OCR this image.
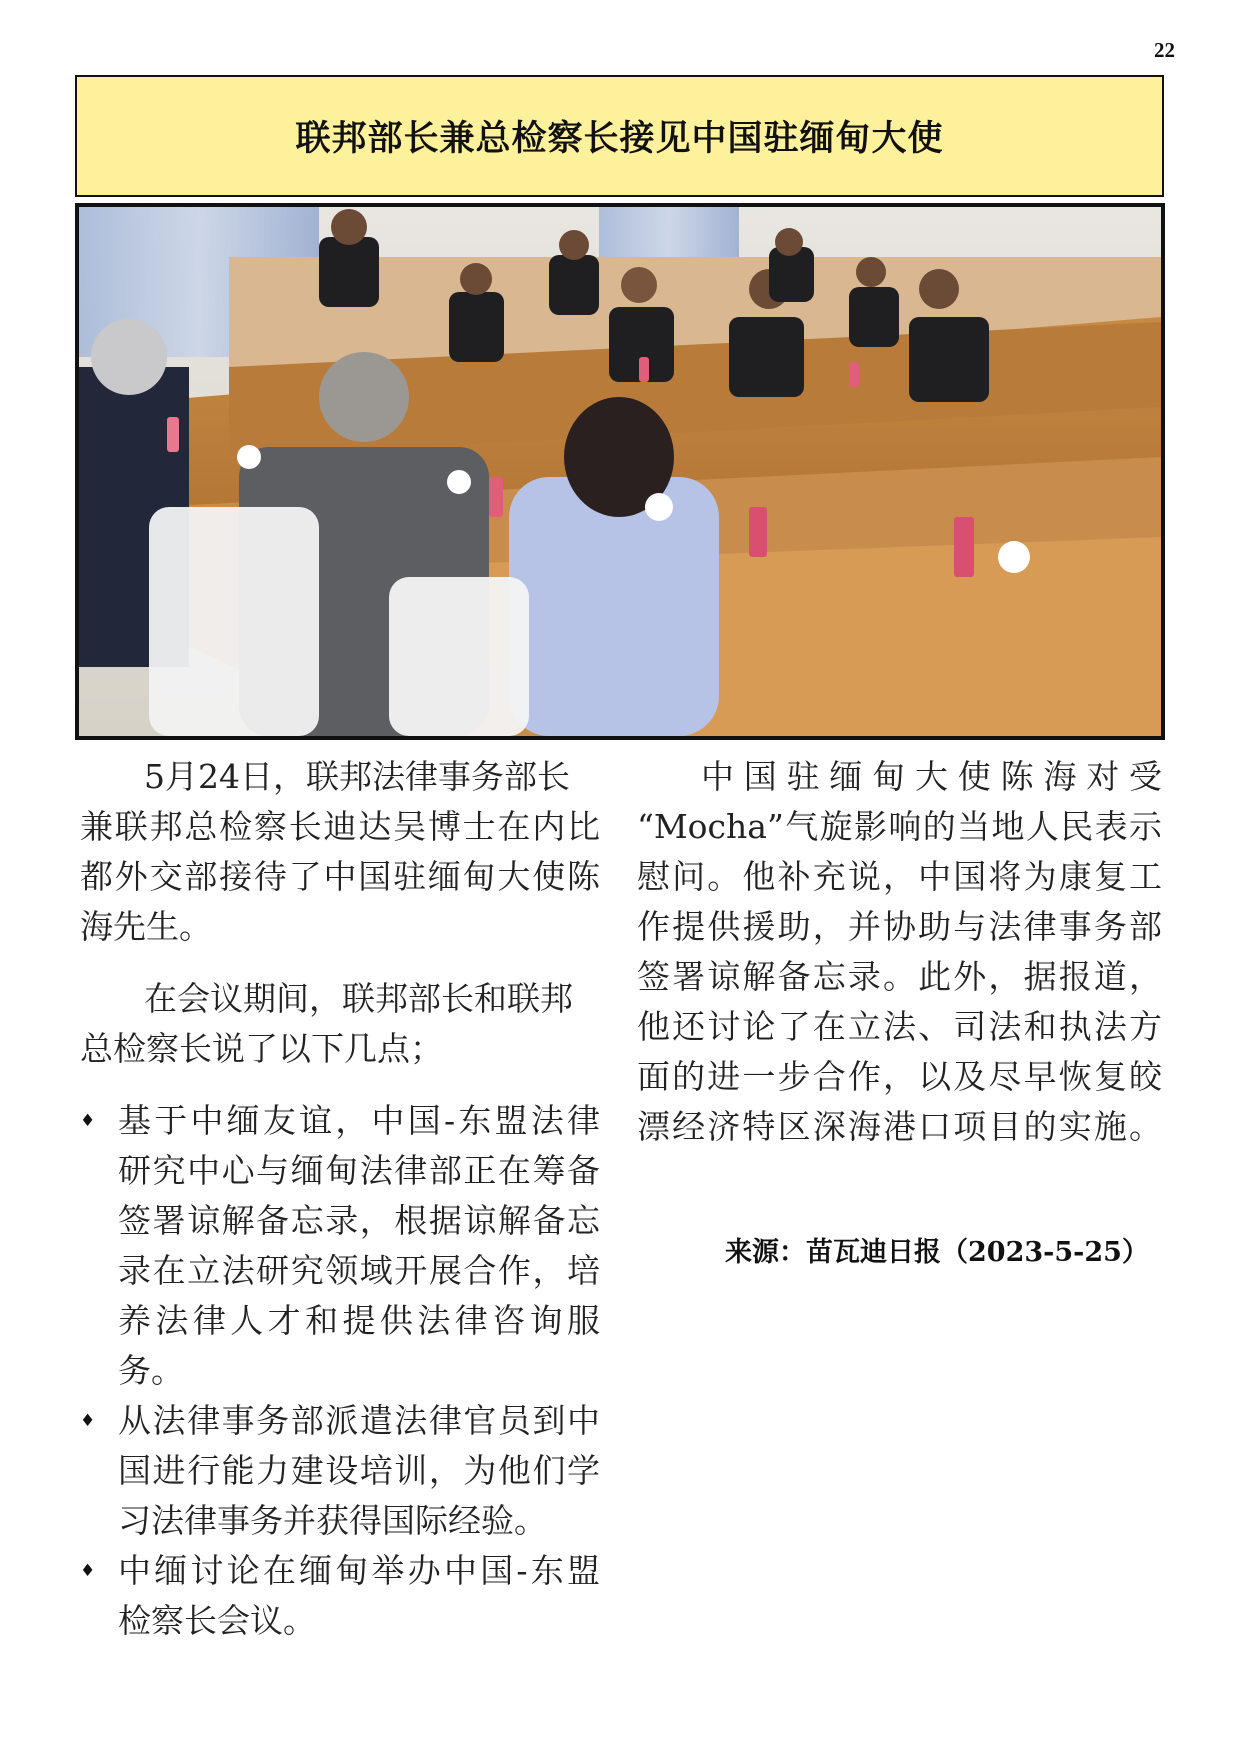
22
联邦部长兼总检察长接见中国驻缅甸大使
5月24日，联邦法律事务部长
兼联邦总检察长迪达吴博士在内比
都外交部接待了中国驻缅甸大使陈
海先生。
在会议期间，联邦部长和联邦
总检察长说了以下几点；
♦ 基于中缅友谊，中国-东盟法律
研究中心与缅甸法律部正在筹备
签署谅解备忘录，根据谅解备忘
录在立法研究领域开展合作，培
养法律人才和提供法律咨询服
务。
♦ 从法律事务部派遣法律官员到中
国进行能力建设培训，为他们学
习法律事务并获得国际经验。
♦ 中缅讨论在缅甸举办中国-东盟
检察长会议。
中国驻缅甸大使陈海对受
“Mocha”气旋影响的当地人民表示
慰问。他补充说，中国将为康复工
作提供援助，并协助与法律事务部
签署谅解备忘录。此外，据报道，
他还讨论了在立法、司法和执法方
面的进一步合作，以及尽早恢复皎
漂经济特区深海港口项目的实施。
来源：苗瓦迪日报（2023-5-25）
